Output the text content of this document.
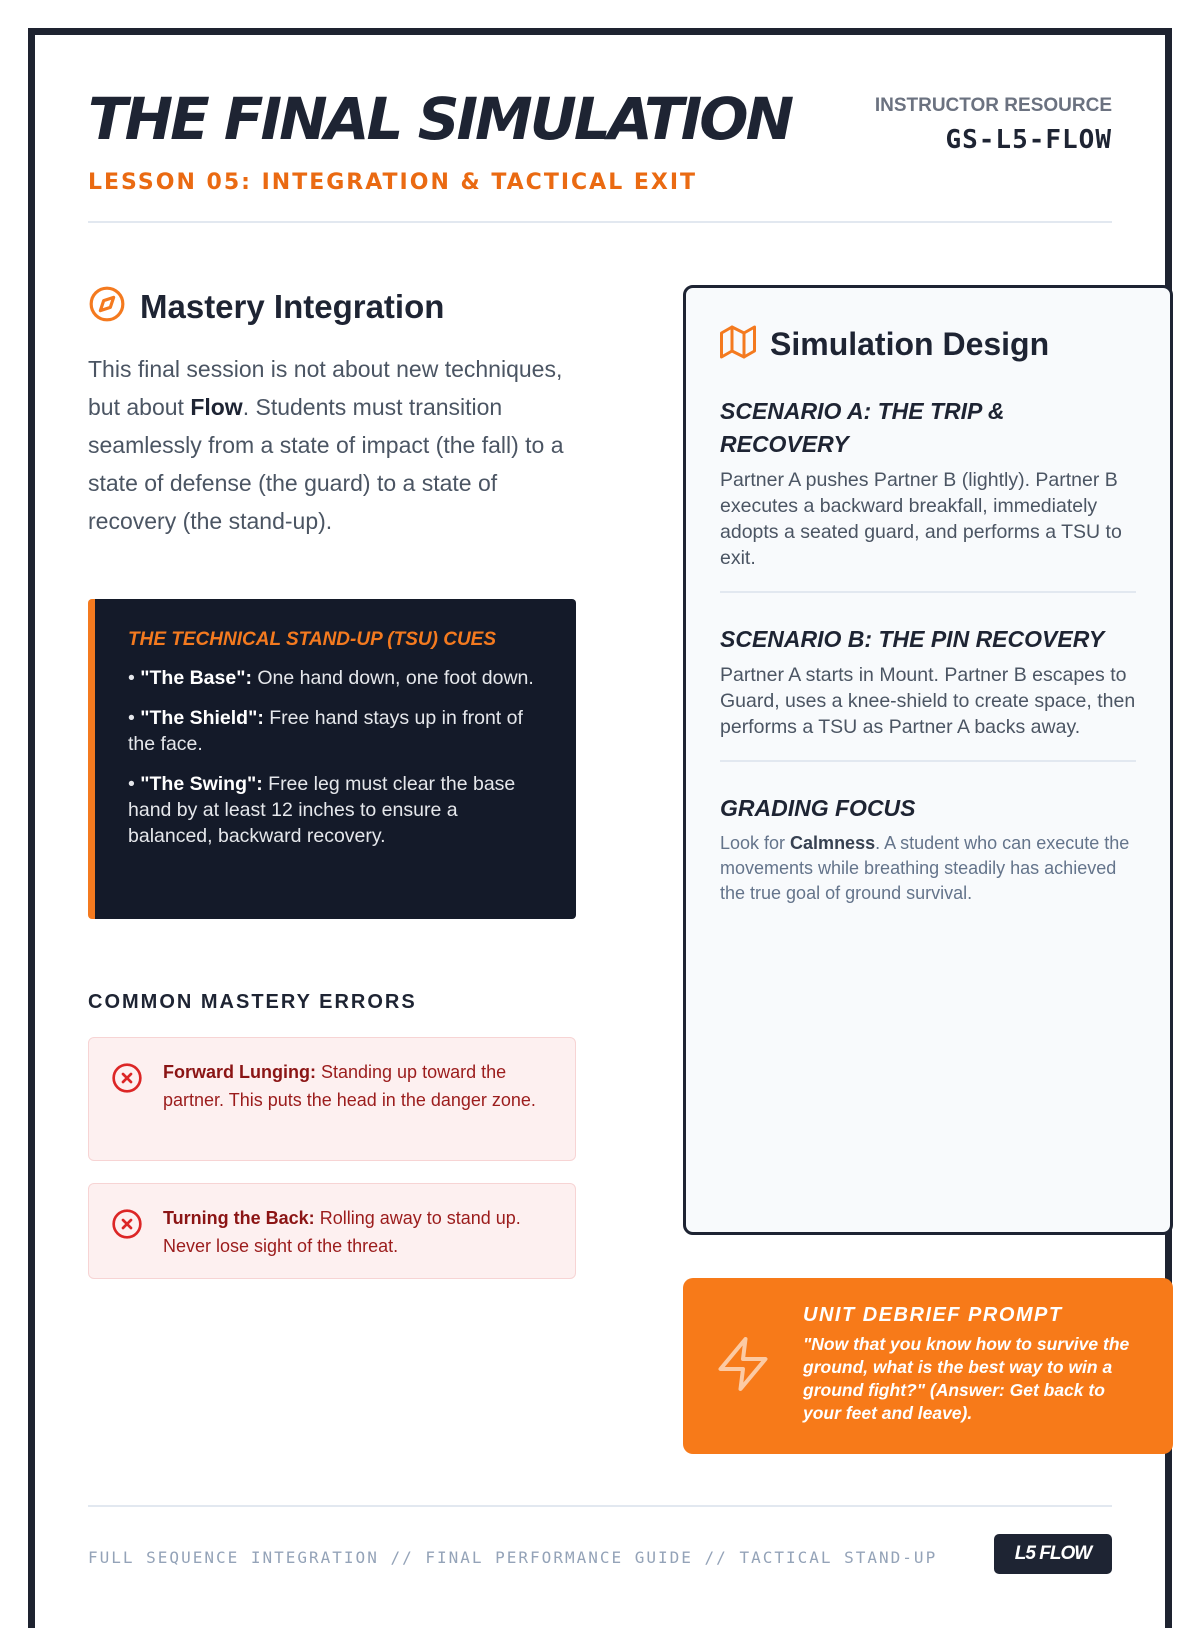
THE FINAL SIMULATION
LESSON 05: INTEGRATION & TACTICAL EXIT
INSTRUCTOR RESOURCE
GS-L5-FLOW
Mastery Integration

This final session is not about new techniques, but about Flow. Students must transition seamlessly from a state of impact (the fall) to a state of defense (the guard) to a state of recovery (the stand-up).

THE TECHNICAL STAND-UP (TSU) CUES
• "The Base": One hand down, one foot down.
• "The Shield": Free hand stays up in front of the face.
• "The Swing": Free leg must clear the base hand by at least 12 inches to ensure a balanced, backward recovery.
COMMON MASTERY ERRORS
Forward Lunging: Standing up toward the partner. This puts the head in the danger zone.
Turning the Back: Rolling away to stand up. Never lose sight of the threat.
Simulation Design
SCENARIO A: THE TRIP & RECOVERY

Partner A pushes Partner B (lightly). Partner B executes a backward breakfall, immediately adopts a seated guard, and performs a TSU to exit.

SCENARIO B: THE PIN RECOVERY

Partner A starts in Mount. Partner B escapes to Guard, uses a knee-shield to create space, then performs a TSU as Partner A backs away.

GRADING FOCUS

Look for Calmness. A student who can execute the movements while breathing steadily has achieved the true goal of ground survival.

UNIT DEBRIEF PROMPT

"Now that you know how to survive the ground, what is the best way to win a ground fight?" (Answer: Get back to your feet and leave).

FULL SEQUENCE INTEGRATION // FINAL PERFORMANCE GUIDE // TACTICAL STAND-UP	L5 FLOW
